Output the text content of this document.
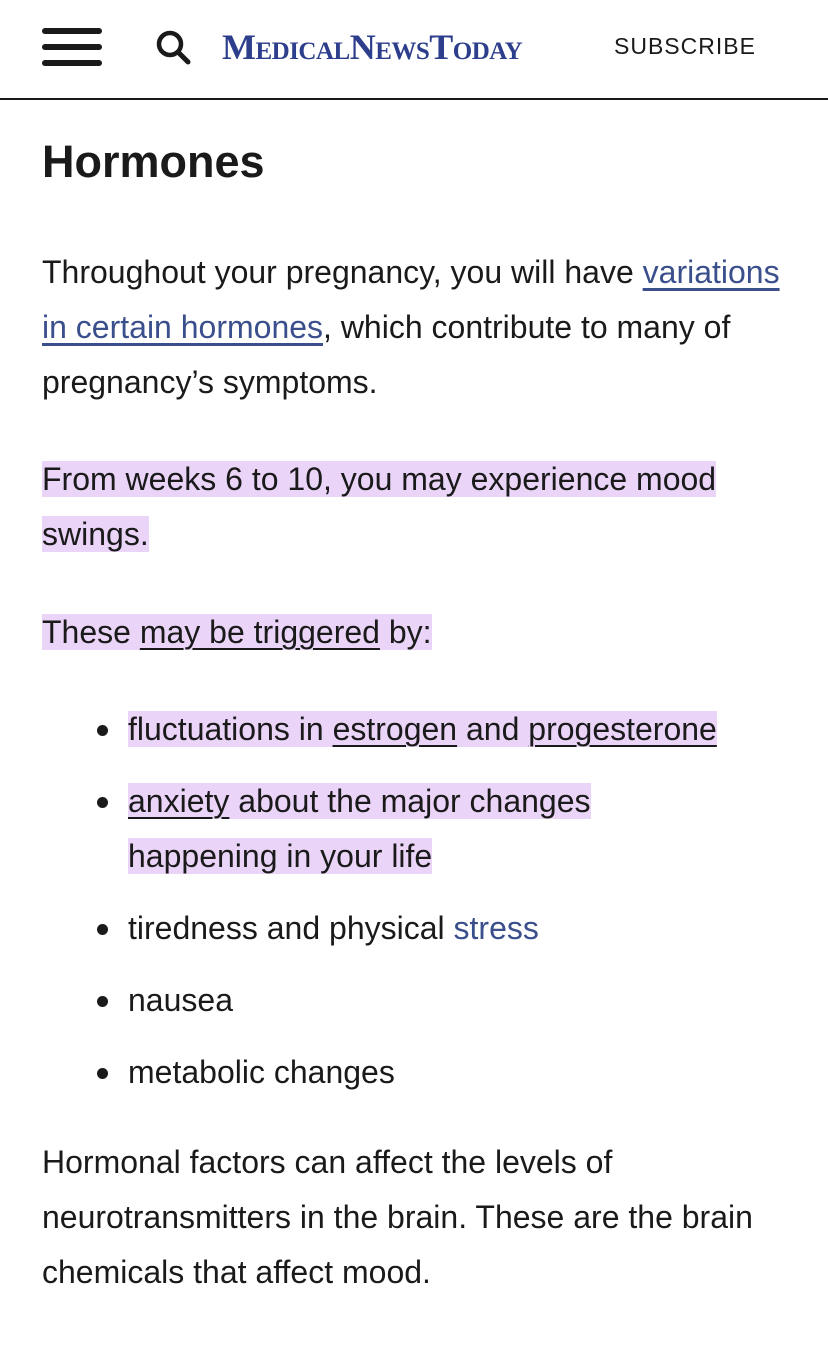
MedicalNewsToday	SUBSCRIBE
Hormones

Throughout your pregnancy, you will have variations in certain hormones, which contribute to many of pregnancy’s symptoms.

From weeks 6 to 10, you may experience mood swings.

These may be triggered by:

fluctuations in estrogen and progesterone
anxiety about the major changes happening in your life
tiredness and physical stress
nausea
metabolic changes

Hormonal factors can affect the levels of neurotransmitters in the brain. These are the brain chemicals that affect mood.
